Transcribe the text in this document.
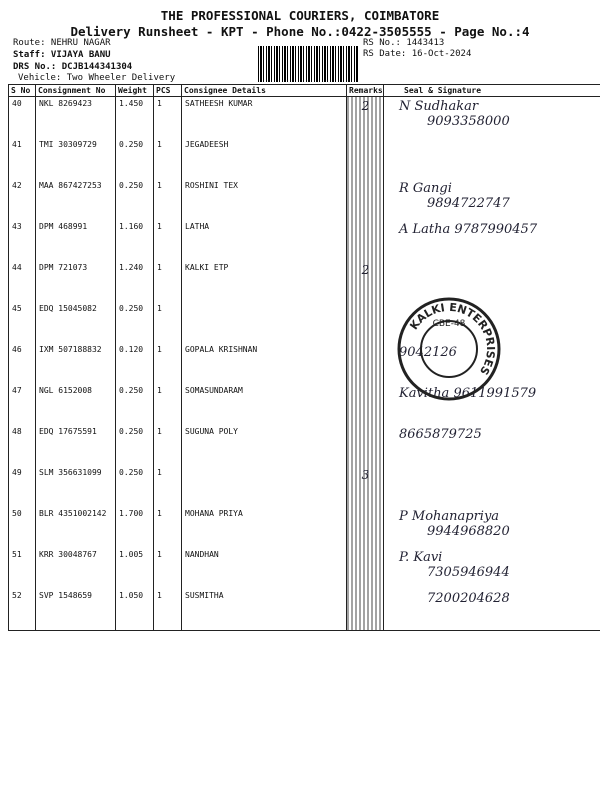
THE PROFESSIONAL COURIERS, COIMBATORE
Delivery Runsheet - KPT - Phone No.:0422-3505555 - Page No.:4
Route: NEHRU NAGAR
Staff: VIJAYA BANU
DRS No.: DCJB144341304
Vehicle: Two Wheeler Delivery
RS No.: 1443413
RS Date: 16-Oct-2024
S No	Consignment No	Weight	PCS	Consignee Details	Remarks	Seal & Signature
40	NKL 8269423	1.450	1	SATHEESH KUMAR	2	N Sudhakar
9093358000

41	TMI 30309729	0.250	1	JEGADEESH		

42	MAA 867427253	0.250	1	ROSHINI TEX		R Gangi
9894722747

43	DPM 468991	1.160	1	LATHA		A Latha 9787990457

44	DPM 721073	1.240	1	KALKI ETP	2	

45	EDQ 15045082	0.250	1			

46	IXM 507188832	0.120	1	GOPALA KRISHNAN		9042126

47	NGL 6152008	0.250	1	SOMASUNDARAM		Kavitha 9611991579

48	EDQ 17675591	0.250	1	SUGUNA POLY		8665879725

49	SLM 356631099	0.250	1		3	

50	BLR 4351002142	1.700	1	MOHANA PRIYA		P Mohanapriya
9944968820

51	KRR 30048767	1.005	1	NANDHAN		P. Kavi
7305946944

52	SVP 1548659	1.050	1	SUSMITHA		7200204628
KALKI ENTERPRISES
CBE-48
